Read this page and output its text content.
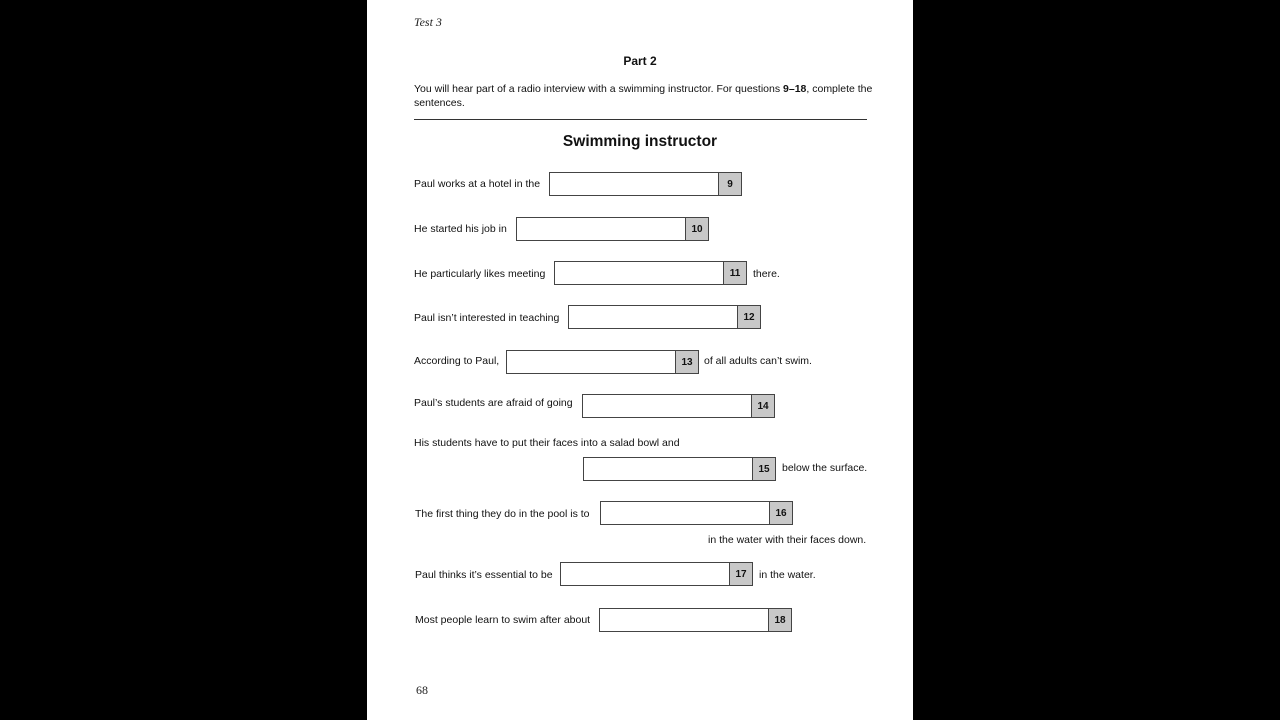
Test 3
Part 2
You will hear part of a radio interview with a swimming instructor. For questions 9–18, complete the sentences.
Swimming instructor
Paul works at a hotel in the	9
He started his job in	10
He particularly likes meeting	11	there.
Paul isn’t interested in teaching	12
According to Paul,	13	of all adults can’t swim.
Paul’s students are afraid of going	14
His students have to put their faces into a salad bowl and
15	below the surface.
The first thing they do in the pool is to	16
in the water with their faces down.
Paul thinks it’s essential to be	17	in the water.
Most people learn to swim after about	18
68
